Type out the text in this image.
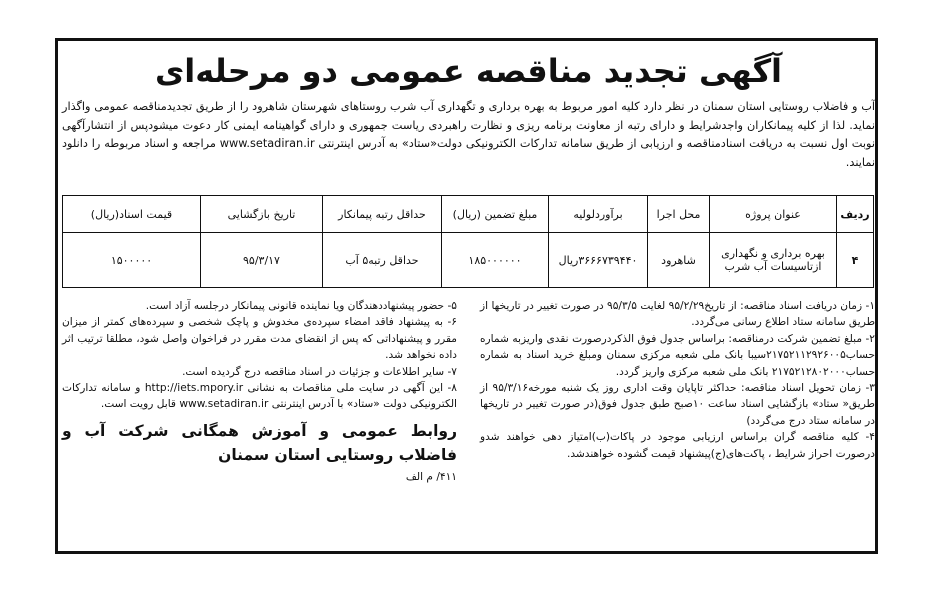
آگهی تجدید مناقصه عمومی دو مرحله‌ای

آب و فاضلاب روستایی استان سمنان در نظر دارد کلیه امور مربوط به بهره برداری و تگهداری آب شرب روستاهای شهرستان شاهرود را از طریق تجدیدمناقصه عمومی واگذار نماید. لذا از کلیه پیمانکاران واجدشرایط و دارای رتبه از معاونت برنامه ریزی و نظارت راهبردی ریاست جمهوری و دارای گواهینامه ایمنی کار دعوت میشودپس از انتشارآگهی نوبت اول نسبت به دریافت اسنادمناقصه و ارزیابی از طریق سامانه تدارکات الکترونیکی دولت«ستاد» به آدرس اینترنتی www.setadiran.ir مراجعه و اسناد مربوطه را دانلود نمایند.

ردیف	عنوان پروژه	محل اجرا	برآوردلولیه	مبلغ تضمین (ریال)	حداقل رتبه پیمانکار	تاریخ بازگشایی	قیمت اسناد(ریال)
۴	بهره برداری و نگهداری ازتاسیسات آب شرب	شاهرود	۳۶۶۶۷۳۹۴۴۰ریال	۱۸۵۰۰۰۰۰۰	حداقل رتبه۵ آب	۹۵/۳/۱۷	۱۵۰۰۰۰۰

۱- زمان دریافت اسناد مناقصه: از تاریخ۹۵/۲/۲۹ لغایت ۹۵/۳/۵ در صورت تغییر در تاریخها از طریق سامانه ستاد اطلاع رسانی می‌گردد.

۲- مبلغ تضمین شرکت درمناقصه: براساس جدول فوق الذکردرصورت نقدی واریزبه شماره حساب۲۱۷۵۲۱۱۲۹۲۶۰۰۵سیبا بانک ملی شعبه مرکزی سمنان ومبلغ خرید اسناد به شماره حساب۲۱۷۵۲۱۲۸۰۲۰۰۰ بانک ملی شعبه مرکزی واریز گردد.

۳- زمان تحویل اسناد مناقصه: حداکثر تاپایان وقت اداری روز یک شنبه مورخه۹۵/۳/۱۶ از طریق« ستاد» بازگشایی اسناد ساعت ۱۰صبح طبق جدول فوق(در صورت تغییر در تاریخها در سامانه ستاد درج می‌گردد)

۴- کلیه مناقصه گران براساس ارزیابی موجود در پاکات(ب)امتیاز دهی خواهند شدو درصورت احراز شرایط ، پاکت‌های(ج)پیشنهاد قیمت گشوده خواهندشد.

۵- حضور پیشنهاددهندگان ویا نماینده قانونی پیمانکار درجلسه آزاد است.

۶- به پیشنهاد فاقد امضاء سپرده‌ی مخدوش و پاچک شخصی و سپرده‌های کمتر از میزان مقرر و پیشنهاداتی که پس از انقضای مدت مقرر در فراخوان واصل شود، مطلقا ترتیب اثر داده نخواهد شد.

۷- سایر اطلاعات و جزئیات در اسناد مناقصه درج گردیده است.

۸- این آگهی در سایت ملی مناقصات به نشانی http://iets.mpory.ir و سامانه تدارکات الکترونیکی دولت «ستاد» با آدرس اینترنتی www.setadiran.ir قابل رویت است.

روابط عمومی و آموزش همگانی شرکت آب و فاضلاب روستایی استان سمنان
۴۱۱/ م الف
